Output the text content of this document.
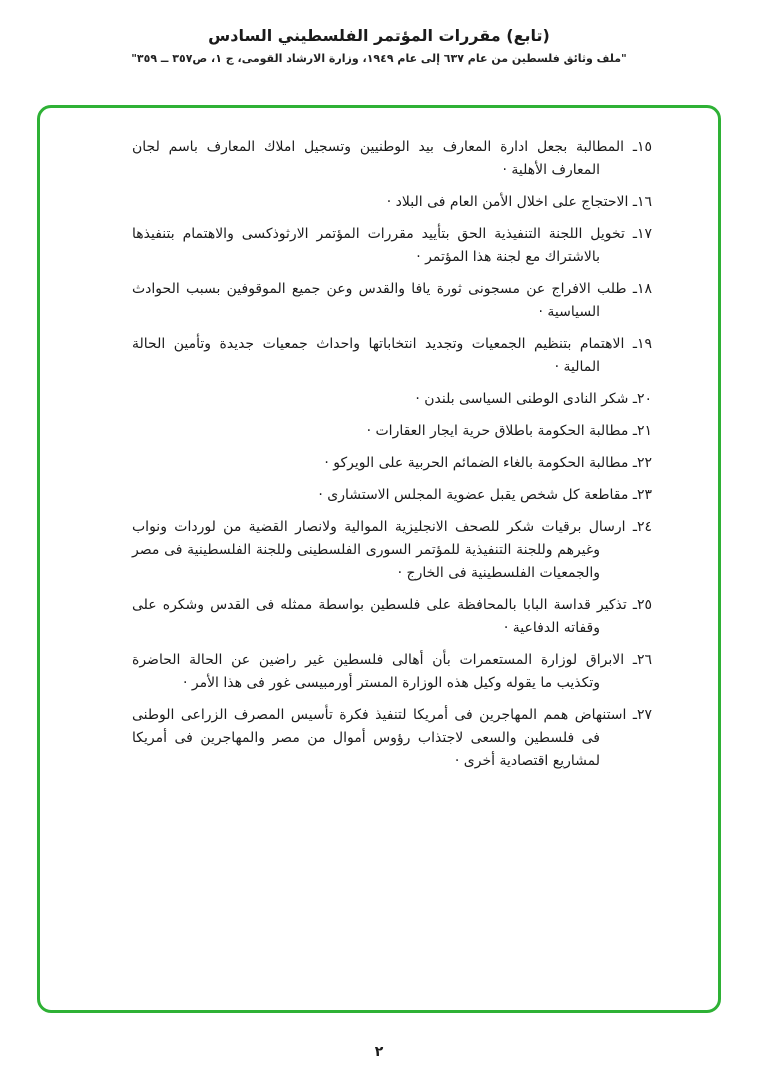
(تابع) مقررات المؤتمر الفلسطيني السادس
"ملف وثائق فلسطين من عام ٦٣٧ إلى عام ١٩٤٩، وزارة الارشاد القومى، ج ١، ص٣٥٧ ــ ٣٥٩"
١٥ـ المطالبة بجعل ادارة المعارف بيد الوطنيين وتسجيل املاك المعارف باسم لجان المعارف الأهلية ·
١٦ـ الاحتجاج على اخلال الأمن العام فى البلاد ·
١٧ـ تخويل اللجنة التنفيذية الحق بتأييد مقررات المؤتمر الارثوذكسى والاهتمام بتنفيذها بالاشتراك مع لجنة هذا المؤتمر ·
١٨ـ طلب الافراج عن مسجونى ثورة يافا والقدس وعن جميع الموقوفين بسبب الحوادث السياسية ·
١٩ـ الاهتمام بتنظيم الجمعيات وتجديد انتخاباتها واحداث جمعيات جديدة وتأمين الحالة المالية ·
٢٠ـ شكر النادى الوطنى السياسى بلندن ·
٢١ـ مطالبة الحكومة باطلاق حرية ايجار العقارات ·
٢٢ـ مطالبة الحكومة بالغاء الضمائم الحربية على الويركو ·
٢٣ـ مقاطعة كل شخص يقبل عضوية المجلس الاستشارى ·
٢٤ـ ارسال برقيات شكر للصحف الانجليزية الموالية ولانصار القضية من لوردات ونواب وغيرهم وللجنة التنفيذية للمؤتمر السورى الفلسطينى وللجنة الفلسطينية فى مصر والجمعيات الفلسطينية فى الخارج ·
٢٥ـ تذكير قداسة البابا بالمحافظة على فلسطين بواسطة ممثله فى القدس وشكره على وقفاته الدفاعية ·
٢٦ـ الابراق لوزارة المستعمرات بأن أهالى فلسطين غير راضين عن الحالة الحاضرة وتكذيب ما يقوله وكيل هذه الوزارة المستر أورمبيسى غور فى هذا الأمر ·
٢٧ـ استنهاض همم المهاجرين فى أمريكا لتنفيذ فكرة تأسيس المصرف الزراعى الوطنى فى فلسطين والسعى لاجتذاب رؤوس أموال من مصر والمهاجرين فى أمريكا لمشاريع اقتصادية أخرى ·
٢
